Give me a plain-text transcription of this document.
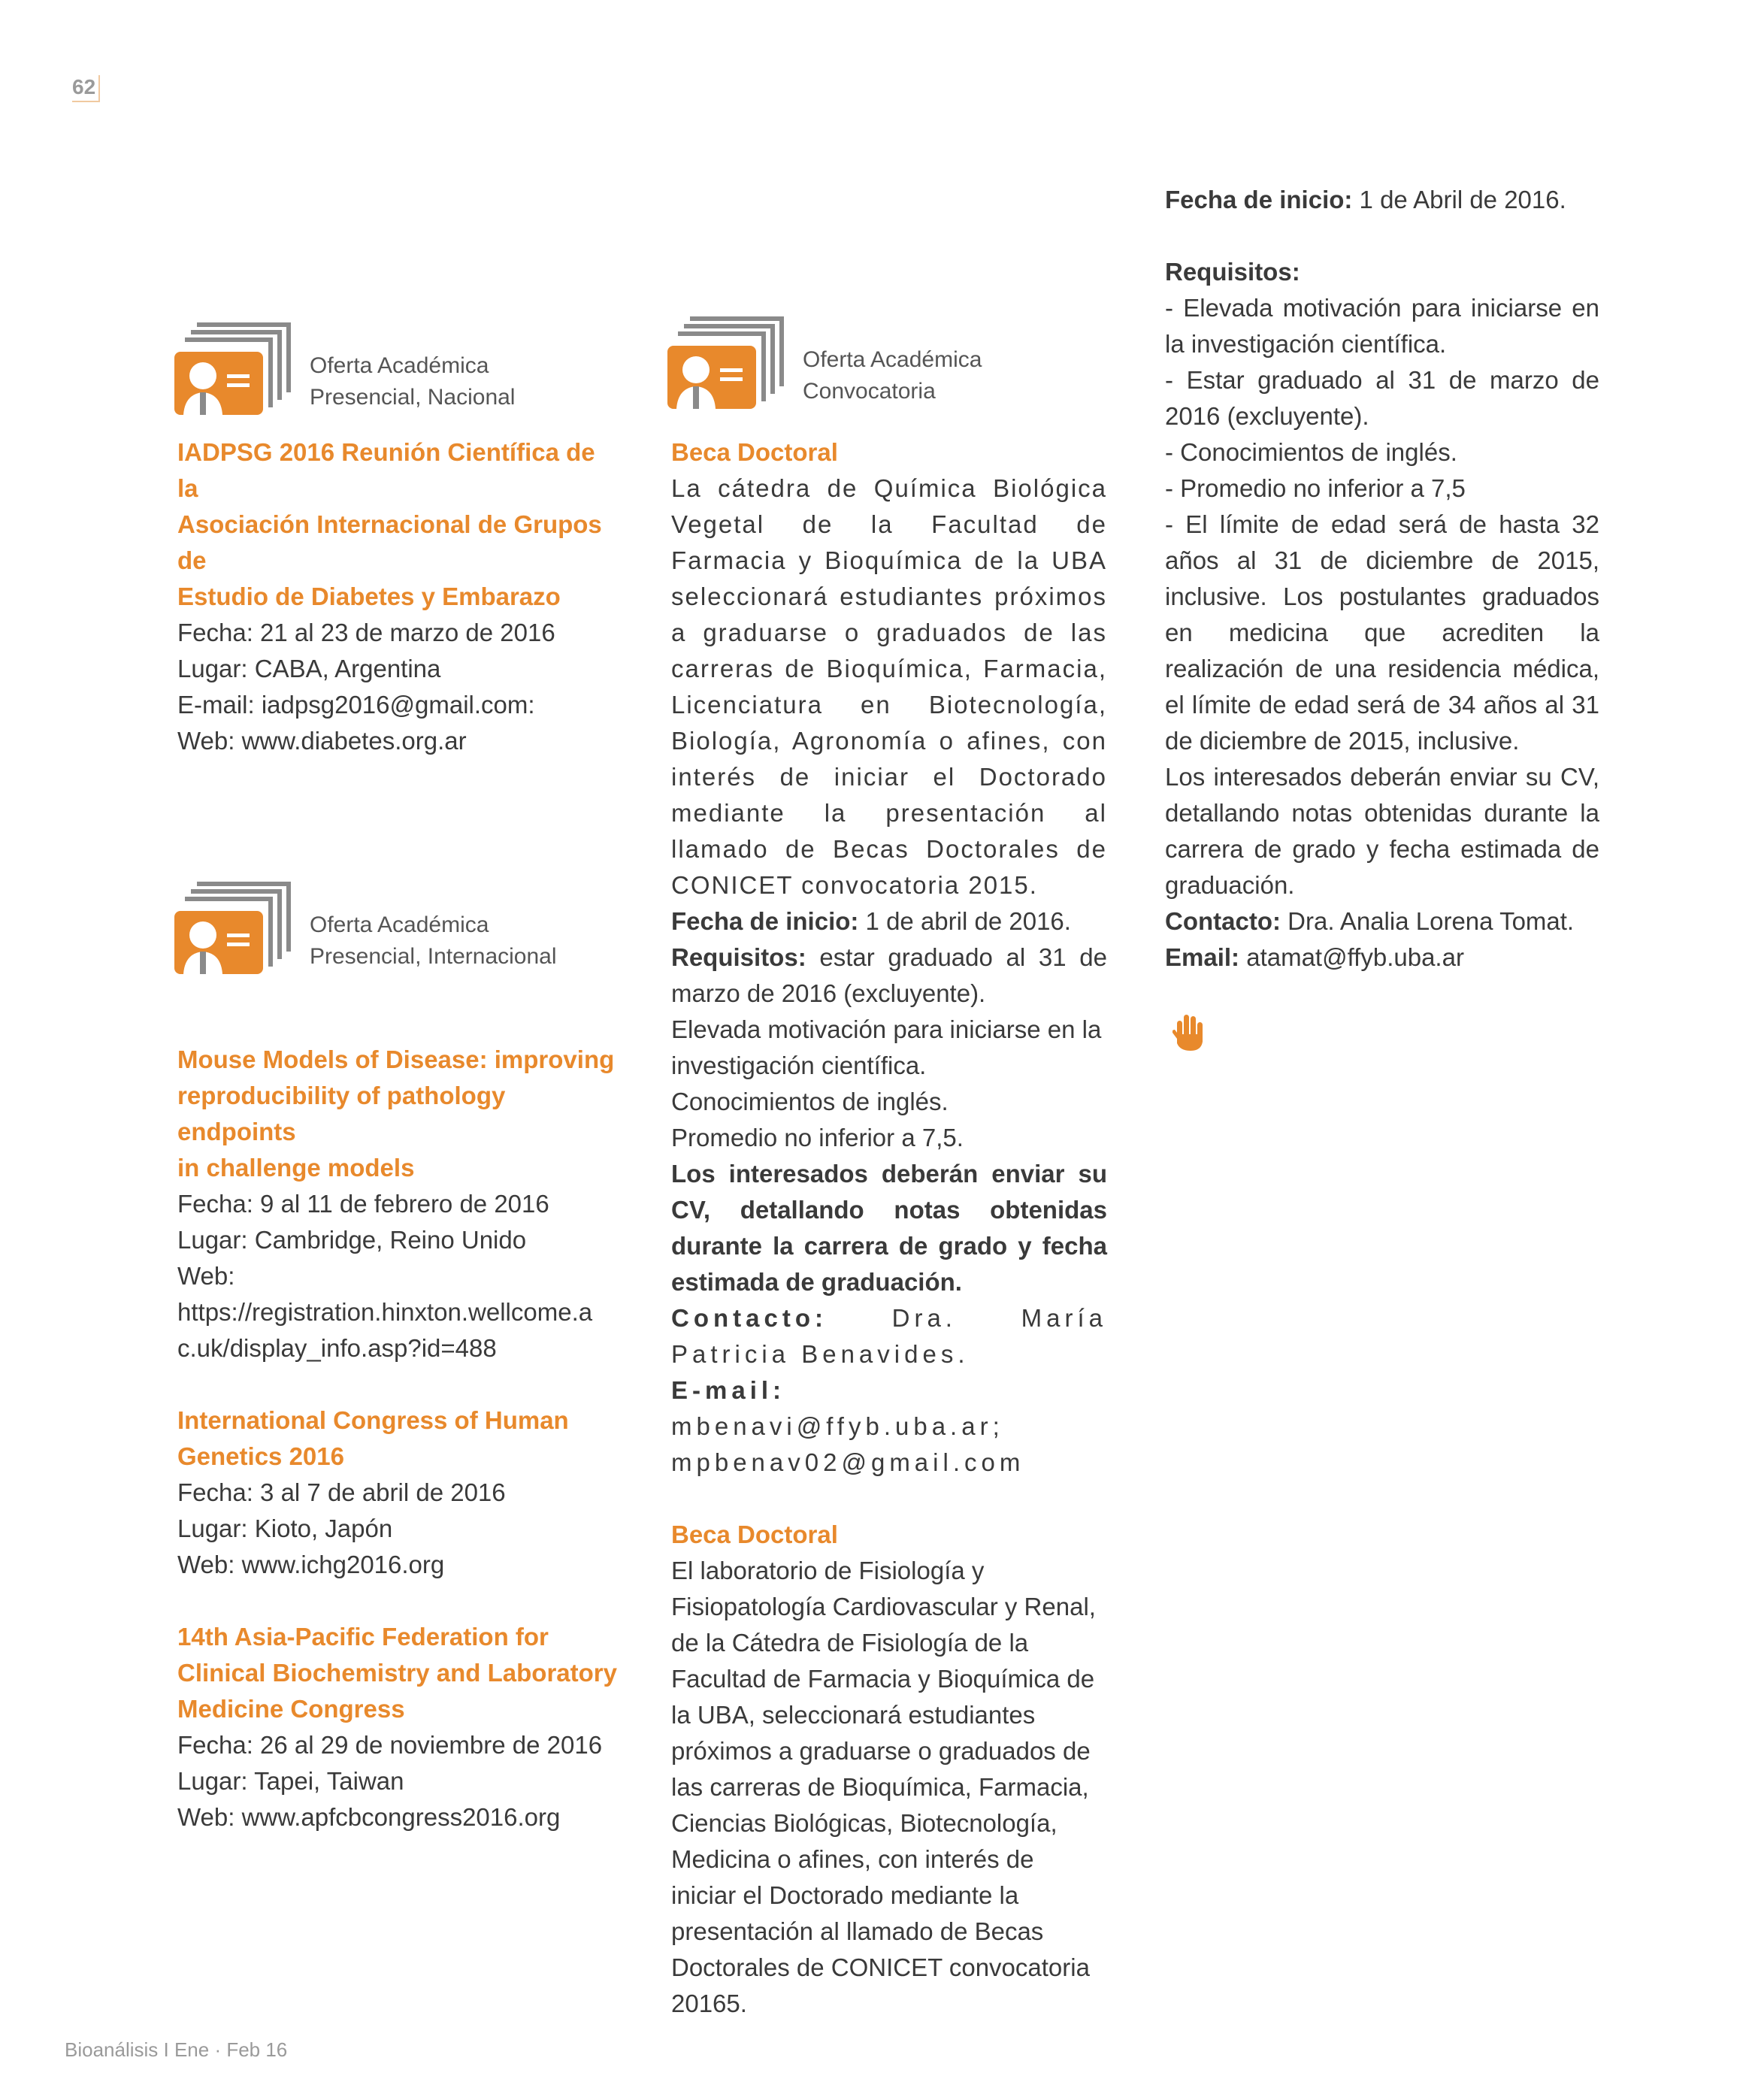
62
Oferta Académica
Presencial, Nacional
Oferta Académica
Convocatoria
Oferta Académica
Presencial, Internacional
IADPSG 2016 Reunión Científica de la
Asociación Internacional de Grupos de
Estudio de Diabetes y Embarazo
Fecha: 21 al 23 de marzo de 2016
Lugar: CABA, Argentina
E-mail: iadpsg2016@gmail.com:
Web: www.diabetes.org.ar
Mouse Models of Disease: improving
reproducibility of pathology endpoints
in challenge models
Fecha: 9 al 11 de febrero de 2016
Lugar: Cambridge, Reino Unido
Web:
https://registration.hinxton.wellcome.a
c.uk/display_info.asp?id=488
International Congress of Human
Genetics 2016
Fecha: 3 al 7 de abril de 2016
Lugar: Kioto, Japón
Web: www.ichg2016.org
14th Asia-Pacific Federation for
Clinical Biochemistry and Laboratory
Medicine Congress
Fecha: 26 al 29 de noviembre de 2016
Lugar: Tapei, Taiwan
Web: www.apfcbcongress2016.org
Beca Doctoral
La cátedra de Química Biológica Vegetal de la Facultad de Farmacia y Bioquímica de la UBA seleccionará estudiantes próximos a graduarse o graduados de las carreras de Bioquímica, Farmacia, Licenciatura en Biotecnología, Biología, Agronomía o afines, con interés de iniciar el Doctorado mediante la presentación al llamado de Becas Doctorales de CONICET convocatoria 2015.
Fecha de inicio: 1 de abril de 2016.
Requisitos: estar graduado al 31 de marzo de 2016 (excluyente).
Elevada motivación para iniciarse en la investigación científica.
Conocimientos de inglés.
Promedio no inferior a 7,5.
Los interesados deberán enviar su CV, detallando notas obtenidas durante la carrera de grado y fecha estimada de graduación.
Contacto: Dra. María Patricia Benavides.
E-mail: mbenavi@ffyb.uba.ar; mpbenav02@gmail.com
Beca Doctoral
El laboratorio de Fisiología y
Fisiopatología Cardiovascular y Renal,
de la Cátedra de Fisiología de la
Facultad de Farmacia y Bioquímica de
la UBA, seleccionará estudiantes
próximos a graduarse o graduados de
las carreras de Bioquímica, Farmacia,
Ciencias Biológicas, Biotecnología,
Medicina o afines, con interés de
iniciar el Doctorado mediante la
presentación al llamado de Becas
Doctorales de CONICET convocatoria
20165.
Fecha de inicio: 1 de Abril de 2016.
Requisitos:
- Elevada motivación para iniciarse en la investigación científica.
- Estar graduado al 31 de marzo de 2016 (excluyente).
- Conocimientos de inglés.
- Promedio no inferior a 7,5
- El límite de edad será de hasta 32 años al 31 de diciembre de 2015, inclusive. Los postulantes graduados en medicina que acrediten la realización de una residencia médica, el límite de edad será de 34 años al 31 de diciembre de 2015, inclusive.
Los interesados deberán enviar su CV, detallando notas obtenidas durante la carrera de grado y fecha estimada de graduación.
Contacto: Dra. Analia Lorena Tomat.
Email: atamat@ffyb.uba.ar
Bioanálisis I Ene · Feb 16
